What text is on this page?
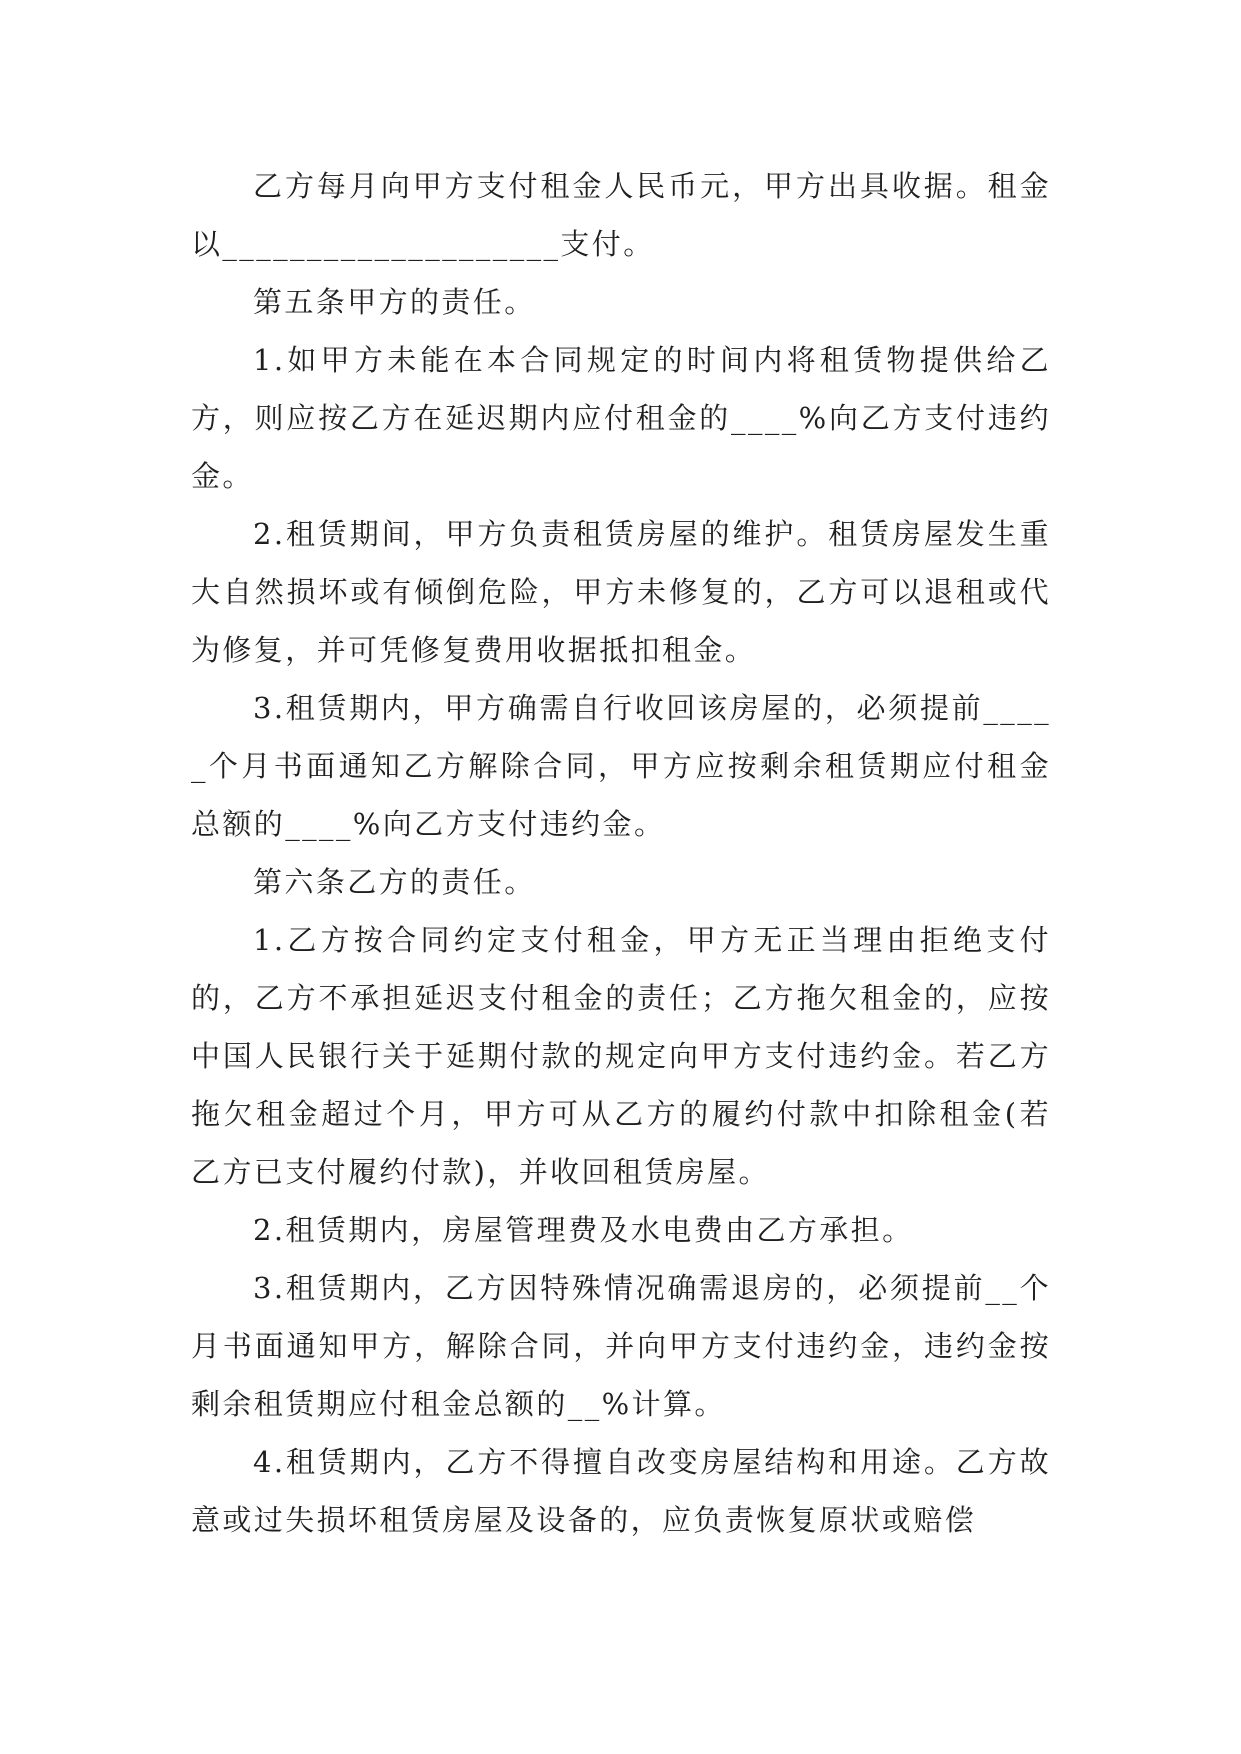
乙方每月向甲方支付租金人民币元，甲方出具收据。租金以____________________支付。

第五条甲方的责任。

1.如甲方未能在本合同规定的时间内将租赁物提供给乙方，则应按乙方在延迟期内应付租金的____%向乙方支付违约金。

2.租赁期间，甲方负责租赁房屋的维护。租赁房屋发生重大自然损坏或有倾倒危险，甲方未修复的，乙方可以退租或代为修复，并可凭修复费用收据抵扣租金。

3.租赁期内，甲方确需自行收回该房屋的，必须提前_____个月书面通知乙方解除合同，甲方应按剩余租赁期应付租金总额的____%向乙方支付违约金。

第六条乙方的责任。

1.乙方按合同约定支付租金，甲方无正当理由拒绝支付的，乙方不承担延迟支付租金的责任；乙方拖欠租金的，应按中国人民银行关于延期付款的规定向甲方支付违约金。若乙方拖欠租金超过个月，甲方可从乙方的履约付款中扣除租金(若乙方已支付履约付款)，并收回租赁房屋。

2.租赁期内，房屋管理费及水电费由乙方承担。

3.租赁期内，乙方因特殊情况确需退房的，必须提前__个月书面通知甲方，解除合同，并向甲方支付违约金，违约金按剩余租赁期应付租金总额的__%计算。

4.租赁期内，乙方不得擅自改变房屋结构和用途。乙方故意或过失损坏租赁房屋及设备的，应负责恢复原状或赔偿
